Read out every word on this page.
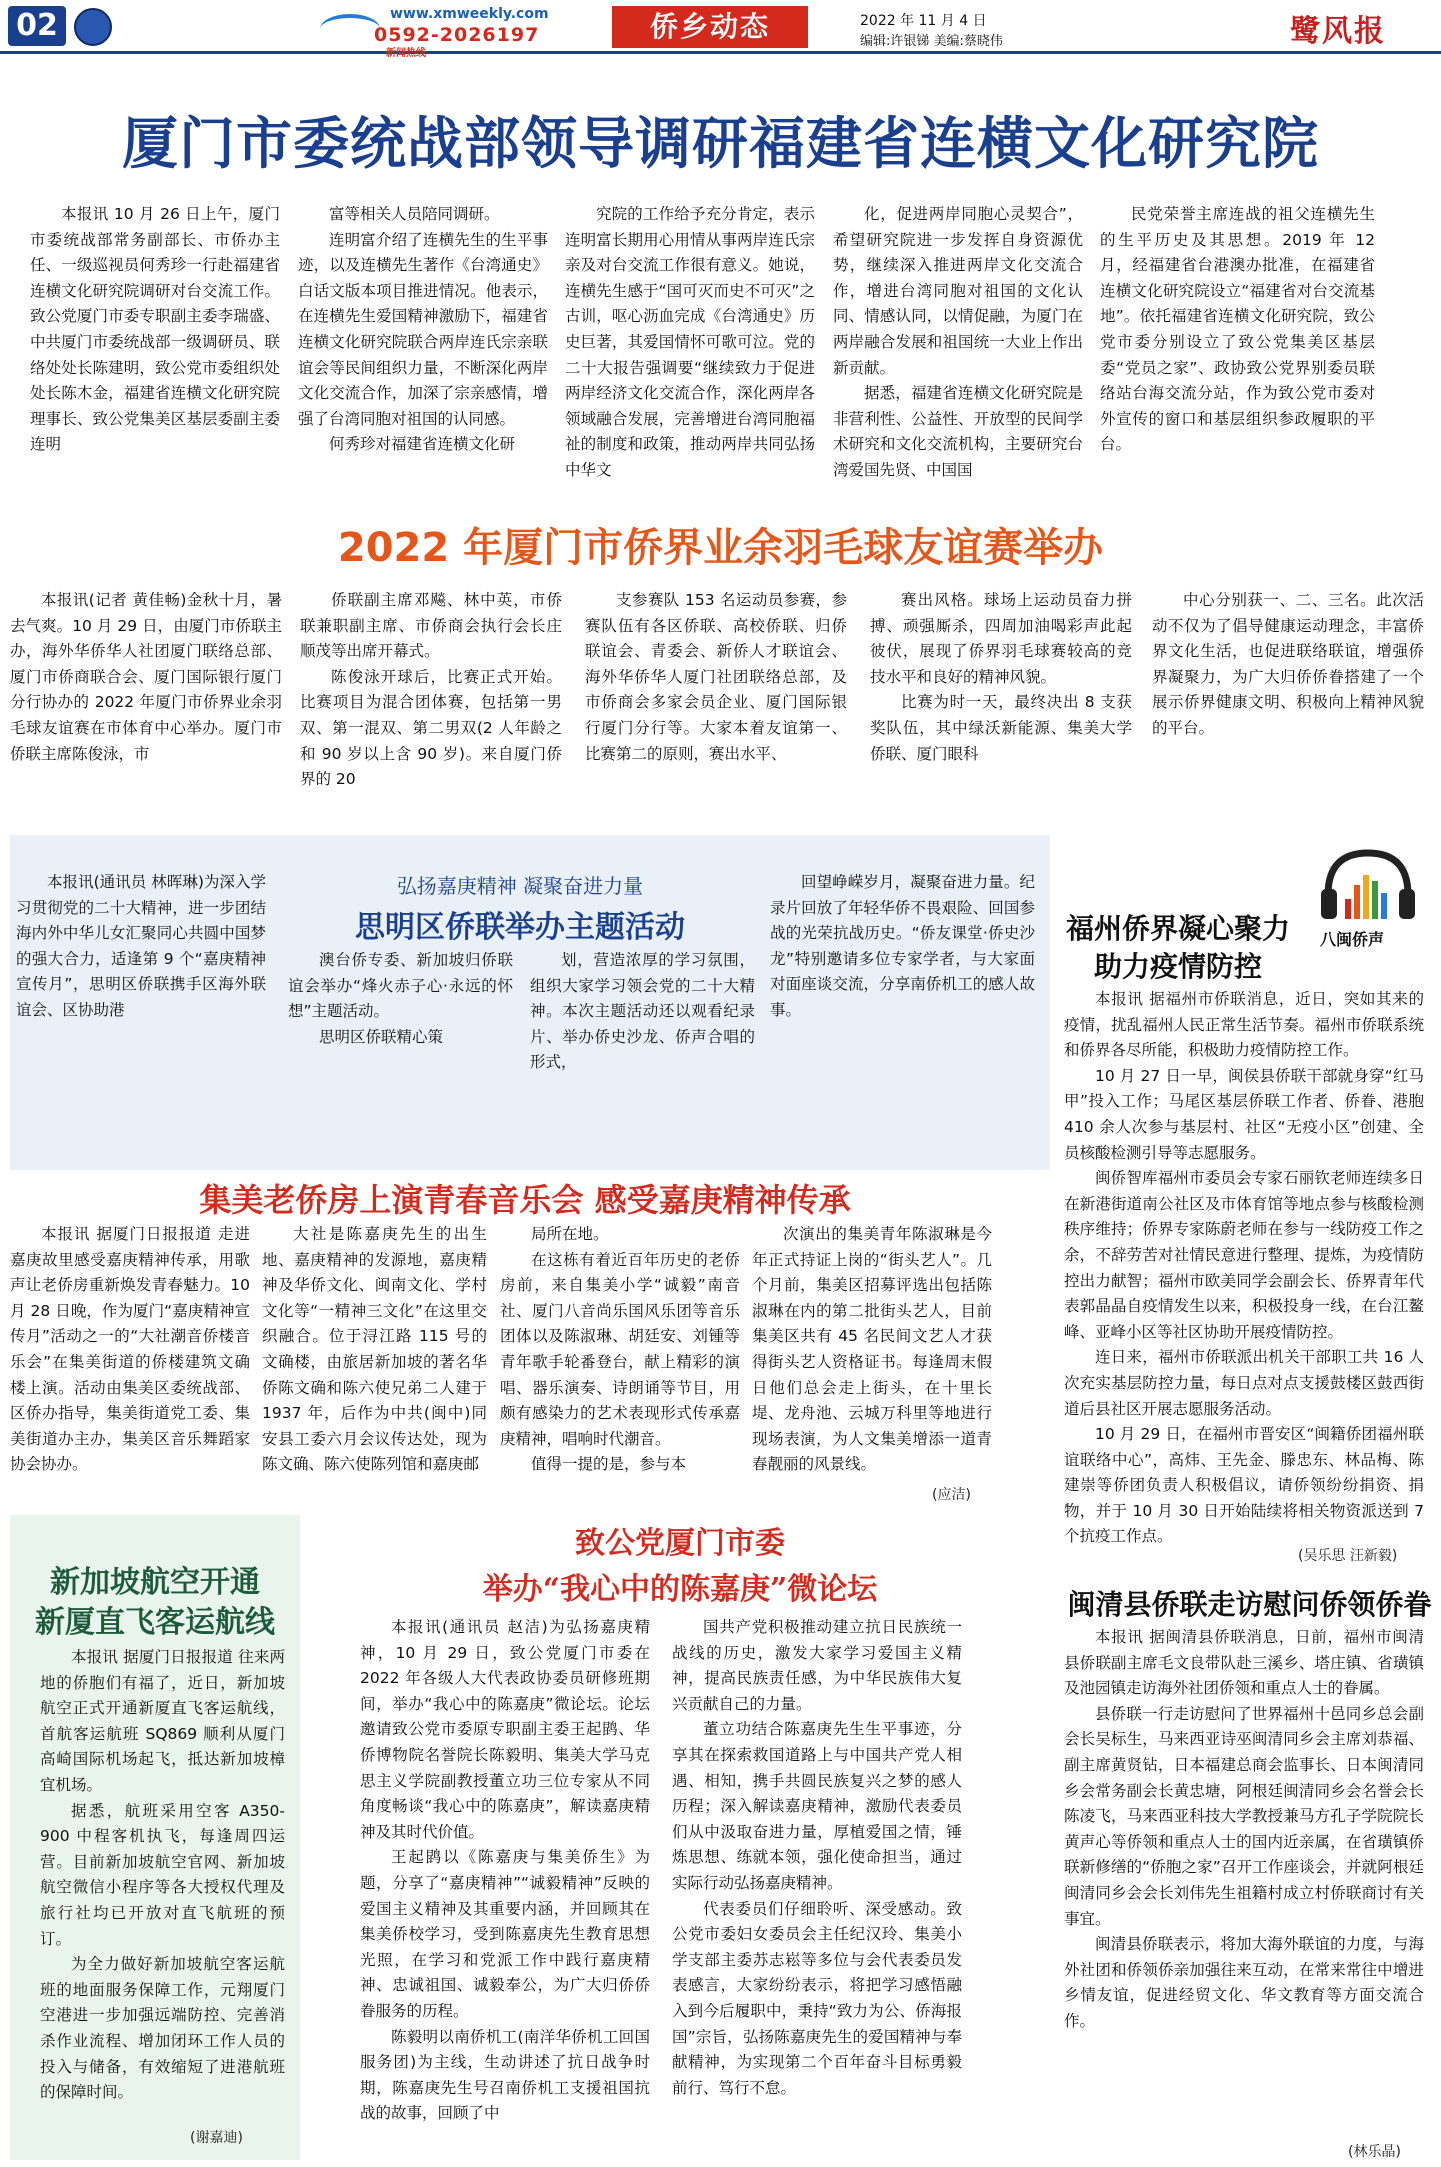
02	www.xmweekly.com
0592-2026197
新闻热线
侨乡动态	2022 年 11 月 4 日
编辑:许银锑 美编:蔡晓伟	鹭风报
厦门市委统战部领导调研福建省连横文化研究院

本报讯 10 月 26 日上午，厦门市委统战部常务副部长、市侨办主任、一级巡视员何秀珍一行赴福建省连横文化研究院调研对台交流工作。致公党厦门市委专职副主委李瑞盛、中共厦门市委统战部一级调研员、联络处处长陈建明，致公党市委组织处处长陈木金，福建省连横文化研究院理事长、致公党集美区基层委副主委连明

富等相关人员陪同调研。

连明富介绍了连横先生的生平事迹，以及连横先生著作《台湾通史》白话文版本项目推进情况。他表示，在连横先生爱国精神激励下，福建省连横文化研究院联合两岸连氏宗亲联谊会等民间组织力量，不断深化两岸文化交流合作，加深了宗亲感情，增强了台湾同胞对祖国的认同感。

何秀珍对福建省连横文化研

究院的工作给予充分肯定，表示连明富长期用心用情从事两岸连氏宗亲及对台交流工作很有意义。她说，连横先生感于“国可灭而史不可灭”之古训，呕心沥血完成《台湾通史》历史巨著，其爱国情怀可歌可泣。党的二十大报告强调要“继续致力于促进两岸经济文化交流合作，深化两岸各领域融合发展，完善增进台湾同胞福祉的制度和政策，推动两岸共同弘扬中华文

化，促进两岸同胞心灵契合”，希望研究院进一步发挥自身资源优势，继续深入推进两岸文化交流合作，增进台湾同胞对祖国的文化认同、情感认同，以情促融，为厦门在两岸融合发展和祖国统一大业上作出新贡献。

据悉，福建省连横文化研究院是非营利性、公益性、开放型的民间学术研究和文化交流机构，主要研究台湾爱国先贤、中国国

民党荣誉主席连战的祖父连横先生的生平历史及其思想。2019 年 12 月，经福建省台港澳办批准，在福建省连横文化研究院设立“福建省对台交流基地”。依托福建省连横文化研究院，致公党市委分别设立了致公党集美区基层委“党员之家”、政协致公党界别委员联络站台海交流分站，作为致公党市委对外宣传的窗口和基层组织参政履职的平台。

2022 年厦门市侨界业余羽毛球友谊赛举办

本报讯(记者 黄佳畅)金秋十月，暑去气爽。10 月 29 日，由厦门市侨联主办，海外华侨华人社团厦门联络总部、厦门市侨商联合会、厦门国际银行厦门分行协办的 2022 年厦门市侨界业余羽毛球友谊赛在市体育中心举办。厦门市侨联主席陈俊泳，市

侨联副主席邓飚、林中英，市侨联兼职副主席、市侨商会执行会长庄顺茂等出席开幕式。

陈俊泳开球后，比赛正式开始。比赛项目为混合团体赛，包括第一男双、第一混双、第二男双(2 人年龄之和 90 岁以上含 90 岁)。来自厦门侨界的 20

支参赛队 153 名运动员参赛，参赛队伍有各区侨联、高校侨联、归侨联谊会、青委会、新侨人才联谊会、海外华侨华人厦门社团联络总部，及市侨商会多家会员企业、厦门国际银行厦门分行等。大家本着友谊第一、比赛第二的原则，赛出水平、

赛出风格。球场上运动员奋力拼搏、顽强厮杀，四周加油喝彩声此起彼伏，展现了侨界羽毛球赛较高的竞技水平和良好的精神风貌。

比赛为时一天，最终决出 8 支获奖队伍，其中绿沃新能源、集美大学侨联、厦门眼科

中心分别获一、二、三名。此次活动不仅为了倡导健康运动理念，丰富侨界文化生活，也促进联络联谊，增强侨界凝聚力，为广大归侨侨眷搭建了一个展示侨界健康文明、积极向上精神风貌的平台。

弘扬嘉庚精神 凝聚奋进力量
思明区侨联举办主题活动

本报讯(通讯员 林晖琳)为深入学习贯彻党的二十大精神，进一步团结海内外中华儿女汇聚同心共圆中国梦的强大合力，适逢第 9 个“嘉庚精神宣传月”，思明区侨联携手区海外联谊会、区协助港

澳台侨专委、新加坡归侨联谊会举办“烽火赤子心·永远的怀想”主题活动。

思明区侨联精心策

划，营造浓厚的学习氛围，组织大家学习领会党的二十大精神。本次主题活动还以观看纪录片、举办侨史沙龙、侨声合唱的形式，

回望峥嵘岁月，凝聚奋进力量。纪录片回放了年轻华侨不畏艰险、回国参战的光荣抗战历史。“侨友课堂·侨史沙龙”特别邀请多位专家学者，与大家面对面座谈交流，分享南侨机工的感人故事。

八闽侨声
福州侨界凝心聚力
助力疫情防控

本报讯 据福州市侨联消息，近日，突如其来的疫情，扰乱福州人民正常生活节奏。福州市侨联系统和侨界各尽所能，积极助力疫情防控工作。

10 月 27 日一早，闽侯县侨联干部就身穿“红马甲”投入工作；马尾区基层侨联工作者、侨眷、港胞 410 余人次参与基层村、社区“无疫小区”创建、全员核酸检测引导等志愿服务。

闽侨智库福州市委员会专家石丽钦老师连续多日在新港街道南公社区及市体育馆等地点参与核酸检测秩序维持；侨界专家陈蔚老师在参与一线防疫工作之余，不辞劳苦对社情民意进行整理、提炼，为疫情防控出力献智；福州市欧美同学会副会长、侨界青年代表郭晶晶自疫情发生以来，积极投身一线，在台江鳌峰、亚峰小区等社区协助开展疫情防控。

连日来，福州市侨联派出机关干部职工共 16 人次充实基层防控力量，每日点对点支援鼓楼区鼓西街道后县社区开展志愿服务活动。

10 月 29 日，在福州市晋安区“闽籍侨团福州联谊联络中心”，高炜、王先金、滕忠东、林品梅、陈建崇等侨团负责人积极倡议，请侨领纷纷捐资、捐物，并于 10 月 30 日开始陆续将相关物资派送到 7 个抗疫工作点。

(吴乐思 汪新毅)
闽清县侨联走访慰问侨领侨眷

本报讯 据闽清县侨联消息，日前，福州市闽清县侨联副主席毛文良带队赴三溪乡、塔庄镇、省璜镇及池园镇走访海外社团侨领和重点人士的眷属。

县侨联一行走访慰问了世界福州十邑同乡总会副会长吴标生，马来西亚诗巫闽清同乡会主席刘恭福、副主席黄贤钻，日本福建总商会监事长、日本闽清同乡会常务副会长黄忠塘，阿根廷闽清同乡会名誉会长陈凌飞，马来西亚科技大学教授兼马方孔子学院院长黄声心等侨领和重点人士的国内近亲属，在省璜镇侨联新修缮的“侨胞之家”召开工作座谈会，并就阿根廷闽清同乡会会长刘伟先生祖籍村成立村侨联商讨有关事宜。

闽清县侨联表示，将加大海外联谊的力度，与海外社团和侨领侨亲加强往来互动，在常来常往中增进乡情友谊，促进经贸文化、华文教育等方面交流合作。

(林乐晶)
集美老侨房上演青春音乐会 感受嘉庚精神传承

本报讯 据厦门日报报道 走进嘉庚故里感受嘉庚精神传承，用歌声让老侨房重新焕发青春魅力。10 月 28 日晚，作为厦门“嘉庚精神宣传月”活动之一的“大社潮音侨楼音乐会”在集美街道的侨楼建筑文确楼上演。活动由集美区委统战部、区侨办指导，集美街道党工委、集美街道办主办，集美区音乐舞蹈家协会协办。

大社是陈嘉庚先生的出生地、嘉庚精神的发源地，嘉庚精神及华侨文化、闽南文化、学村文化等“一精神三文化”在这里交织融合。位于浔江路 115 号的文确楼，由旅居新加坡的著名华侨陈文确和陈六使兄弟二人建于 1937 年，后作为中共(闽中)同安县工委六月会议传达处，现为陈文确、陈六使陈列馆和嘉庚邮

局所在地。

在这栋有着近百年历史的老侨房前，来自集美小学“诚毅”南音社、厦门八音尚乐国风乐团等音乐团体以及陈淑琳、胡廷安、刘锺等青年歌手轮番登台，献上精彩的演唱、器乐演奏、诗朗诵等节目，用颇有感染力的艺术表现形式传承嘉庚精神，唱响时代潮音。

值得一提的是，参与本

次演出的集美青年陈淑琳是今年正式持证上岗的“街头艺人”。几个月前，集美区招募评选出包括陈淑琳在内的第二批街头艺人，目前集美区共有 45 名民间文艺人才获得街头艺人资格证书。每逢周末假日他们总会走上街头，在十里长堤、龙舟池、云城万科里等地进行现场表演，为人文集美增添一道青春靓丽的风景线。

(应洁)
新加坡航空开通
新厦直飞客运航线

本报讯 据厦门日报报道 往来两地的侨胞们有福了，近日，新加坡航空正式开通新厦直飞客运航线，首航客运航班 SQ869 顺利从厦门高崎国际机场起飞，抵达新加坡樟宜机场。

据悉，航班采用空客 A350-900 中程客机执飞，每逢周四运营。目前新加坡航空官网、新加坡航空微信小程序等各大授权代理及旅行社均已开放对直飞航班的预订。

为全力做好新加坡航空客运航班的地面服务保障工作，元翔厦门空港进一步加强远端防控、完善消杀作业流程、增加闭环工作人员的投入与储备，有效缩短了进港航班的保障时间。

(谢嘉迪)
致公党厦门市委
举办“我心中的陈嘉庚”微论坛

本报讯(通讯员 赵洁)为弘扬嘉庚精神，10 月 29 日，致公党厦门市委在 2022 年各级人大代表政协委员研修班期间，举办“我心中的陈嘉庚”微论坛。论坛邀请致公党市委原专职副主委王起鹍、华侨博物院名誉院长陈毅明、集美大学马克思主义学院副教授董立功三位专家从不同角度畅谈“我心中的陈嘉庚”，解读嘉庚精神及其时代价值。

王起鹍以《陈嘉庚与集美侨生》为题，分享了“嘉庚精神”“诚毅精神”反映的爱国主义精神及其重要内涵，并回顾其在集美侨校学习，受到陈嘉庚先生教育思想光照，在学习和党派工作中践行嘉庚精神、忠诚祖国、诚毅奉公，为广大归侨侨眷服务的历程。

陈毅明以南侨机工(南洋华侨机工回国服务团)为主线，生动讲述了抗日战争时期，陈嘉庚先生号召南侨机工支援祖国抗战的故事，回顾了中

国共产党积极推动建立抗日民族统一战线的历史，激发大家学习爱国主义精神，提高民族责任感，为中华民族伟大复兴贡献自己的力量。

董立功结合陈嘉庚先生生平事迹，分享其在探索救国道路上与中国共产党人相遇、相知，携手共圆民族复兴之梦的感人历程；深入解读嘉庚精神，激励代表委员们从中汲取奋进力量，厚植爱国之情，锤炼思想、练就本领，强化使命担当，通过实际行动弘扬嘉庚精神。

代表委员们仔细聆听、深受感动。致公党市委妇女委员会主任纪汉玲、集美小学支部主委苏志崧等多位与会代表委员发表感言，大家纷纷表示，将把学习感悟融入到今后履职中，秉持“致力为公、侨海报国”宗旨，弘扬陈嘉庚先生的爱国精神与奉献精神，为实现第二个百年奋斗目标勇毅前行、笃行不怠。
